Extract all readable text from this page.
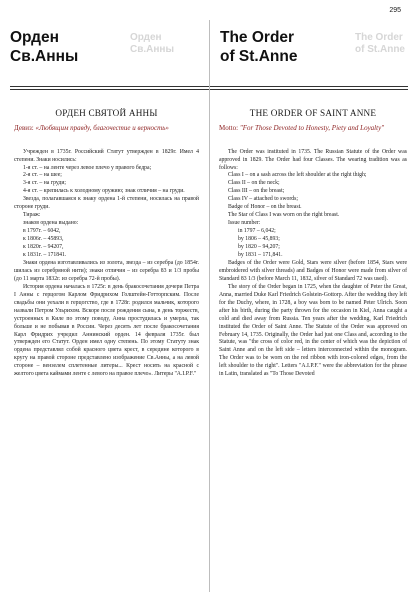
295
Орден
Св.Анны
Орден
Св.Анны
The Order
of St.Anne
The Order
of St.Anne
ОРДЕН СВЯТОЙ АННЫ
Девиз: «Любящим правду, благочестие и верность»

Учрежден в 1735г. Российский Статут утвержден в 1829г. Имел 4 степени. Знаки носились:

1-я ст. – на ленте через левое плечо у правого бедра;

2-я ст. – на шее;

3-я ст. – на груди;

4-я ст. – крепилась к холодному оружию; знак отличия – на груди.

Звезда, полагавшаяся к знаку ордена 1-й степени, носилась на правой стороне груди.

Тираж:

знаков ордена выдано:

в 1797г. – 6042,

к 1806г. – 45893,

к 1820г. – 94207,

к 1831г. – 171841.

Знаки ордена изготавливались из золота, звезда – из серебра (до 1854г. шилась из серебряной нити); знаки отличия – из серебра 83 и 1/3 пробы (до 11 марта 1832г. из серебра 72-й пробы).

История ордена началась в 1725г. в день бракосочетания дочери Петра I Анны с герцогом Карлом Фридрихом Голштейн-Готторпским. После свадьбы они уехали в герцогство, где в 1728г. родился мальчик, которого назвали Петром Ульрихом. Вскоре после рождения сына, в день торжеств, устроенных в Киле по этому поводу, Анна простудилась и умерла, так больше и не побывав в России. Через десять лет после бракосочетания Карл Фридрих учредил Аннинский орден. 14 февраля 1735г. был утвержден его Статут. Орден имел одну степень. По этому Статуту знак ордена представлял собой красного цвета крест, в середине которого в кругу на правой стороне представлено изображение Св.Анны, а на левой стороне – вензелем сплетенные литеры... Крест носить на красной с желтого цвета каймами ленте с левого на правое плечо». Литеры "A.I.P.F."

THE ORDER OF SAINT ANNE
Motto: "For Those Devoted to Honesty, Piety and Loyalty"

The Order was instituted in 1735. The Russian Statute of the Order was approved in 1829. The Order had four Classes. The wearing tradition was as follows:

Class I – on a sash across the left shoulder at the right thigh;

Class II – on the neck;

Class III – on the breast;

Class IV – attached to swords;

Badge of Honor – on the breast.

The Star of Class I was worn on the right breast.

Issue number:

in 1797 – 6,042;

by 1806 – 45,893;

by 1820 – 94,207;

by 1831 – 171,841.

Badges of the Order were Gold, Stars were silver (before 1854, Stars were embroidered with silver threads) and Badges of Honor were made from silver of Standard 83 1/3 (before March 11, 1832, silver of Standard 72 was used).

The story of the Order began in 1725, when the daughter of Peter the Great, Anna, married Duke Karl Friedrich Golstein-Gottorp. After the wedding they left for the Duchy, where, in 1728, a boy was born to be named Peter Ulrich. Soon after his birth, during the party thrown for the occasion in Kiel, Anna caught a cold and died away from Russia. Ten years after the wedding, Karl Friedrich instituted the Order of Saint Anne. The Statute of the Order was approved on February 14, 1735. Originally, the Order had just one Class and, according to the Statute, was "the cross of color red, in the center of which was the depiction of Saint Anne and on the left side – letters interconnected within the monogram. The Order was to be worn on the red ribbon with iron-colored edges, from the left shoulder to the right". Letters "A.I.P.F." were the abbreviation for the phrase in Latin, translated as "To Those Devoted
